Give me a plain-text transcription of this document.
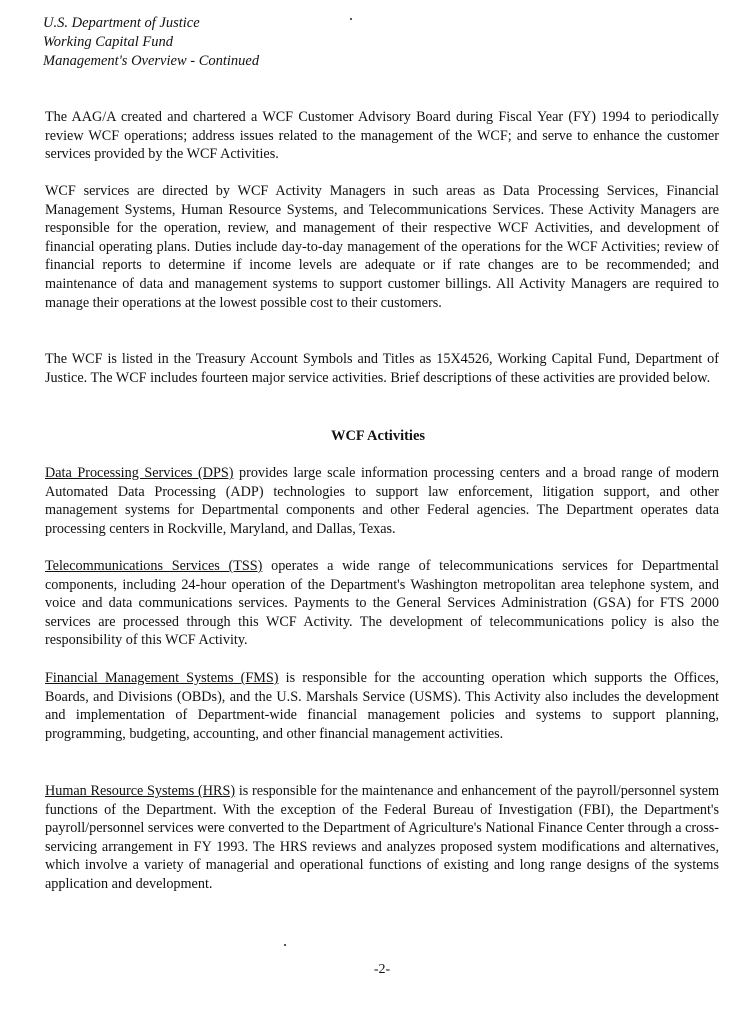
U.S. Department of Justice
Working Capital Fund
Management's Overview - Continued

The AAG/A created and chartered a WCF Customer Advisory Board during Fiscal Year (FY) 1994 to periodically review WCF operations; address issues related to the management of the WCF; and serve to enhance the customer services provided by the WCF Activities.

WCF services are directed by WCF Activity Managers in such areas as Data Processing Services, Financial Management Systems, Human Resource Systems, and Telecommunications Services. These Activity Managers are responsible for the operation, review, and management of their respective WCF Activities, and development of financial operating plans. Duties include day-to-day management of the operations for the WCF Activities; review of financial reports to determine if income levels are adequate or if rate changes are to be recommended; and maintenance of data and management systems to support customer billings. All Activity Managers are required to manage their operations at the lowest possible cost to their customers.

The WCF is listed in the Treasury Account Symbols and Titles as 15X4526, Working Capital Fund, Department of Justice. The WCF includes fourteen major service activities. Brief descriptions of these activities are provided below.

WCF Activities

Data Processing Services (DPS) provides large scale information processing centers and a broad range of modern Automated Data Processing (ADP) technologies to support law enforcement, litigation support, and other management systems for Departmental components and other Federal agencies. The Department operates data processing centers in Rockville, Maryland, and Dallas, Texas.

Telecommunications Services (TSS) operates a wide range of telecommunications services for Departmental components, including 24-hour operation of the Department's Washington metropolitan area telephone system, and voice and data communications services. Payments to the General Services Administration (GSA) for FTS 2000 services are processed through this WCF Activity. The development of telecommunications policy is also the responsibility of this WCF Activity.

Financial Management Systems (FMS) is responsible for the accounting operation which supports the Offices, Boards, and Divisions (OBDs), and the U.S. Marshals Service (USMS). This Activity also includes the development and implementation of Department-wide financial management policies and systems to support planning, programming, budgeting, accounting, and other financial management activities.

Human Resource Systems (HRS) is responsible for the maintenance and enhancement of the payroll/personnel system functions of the Department. With the exception of the Federal Bureau of Investigation (FBI), the Department's payroll/personnel services were converted to the Department of Agriculture's National Finance Center through a cross-servicing arrangement in FY 1993. The HRS reviews and analyzes proposed system modifications and alternatives, which involve a variety of managerial and operational functions of existing and long range designs of the systems application and development.

-2-
